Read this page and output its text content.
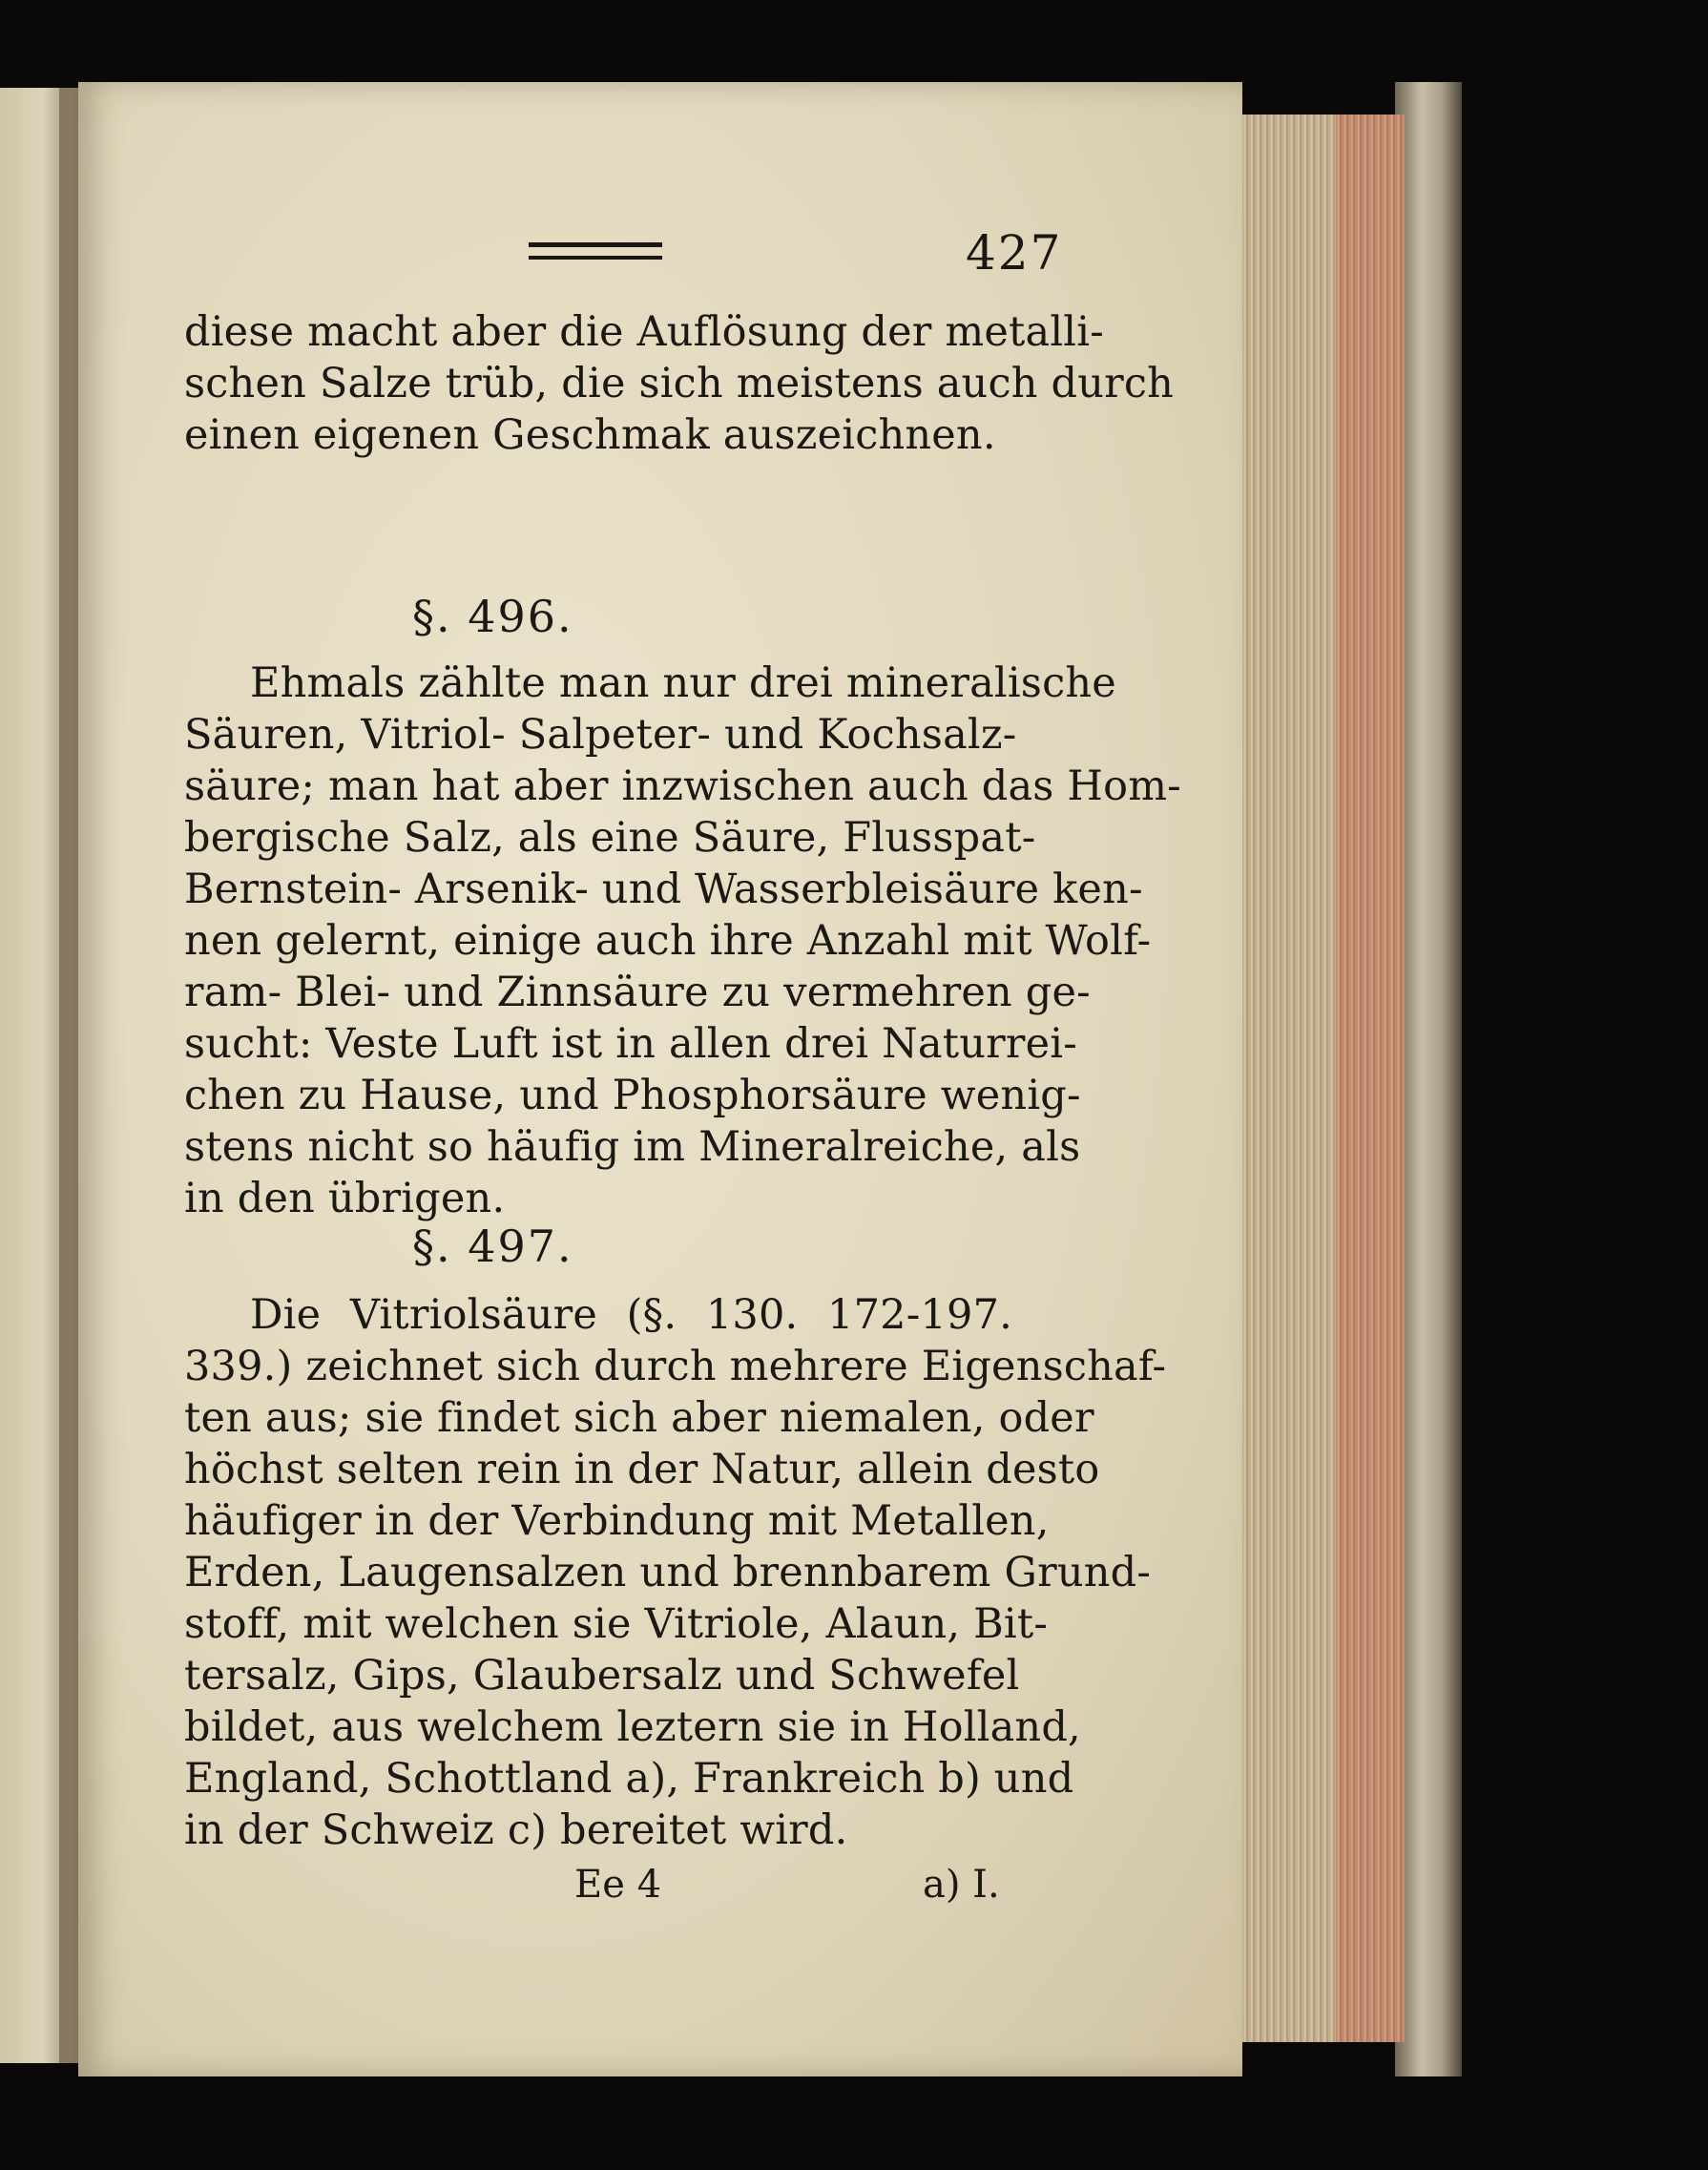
427
diese macht aber die Auflösung der metalli-
schen Salze trüb, die sich meistens auch durch
einen eigenen Geschmak auszeichnen.
§. 496.
Ehmals zählte man nur drei mineralische
Säuren, Vitriol- Salpeter- und Kochsalz-
säure; man hat aber inzwischen auch das Hom-
bergische Salz, als eine Säure, Flusspat-
Bernstein- Arsenik- und Wasserbleisäure ken-
nen gelernt, einige auch ihre Anzahl mit Wolf-
ram- Blei- und Zinnsäure zu vermehren ge-
sucht: Veste Luft ist in allen drei Naturrei-
chen zu Hause, und Phosphorsäure wenig-
stens nicht so häufig im Mineralreiche, als
in den übrigen.
§. 497.
Die Vitriolsäure (§. 130. 172-197.
339.) zeichnet sich durch mehrere Eigenschaf-
ten aus; sie findet sich aber niemalen, oder
höchst selten rein in der Natur, allein desto
häufiger in der Verbindung mit Metallen,
Erden, Laugensalzen und brennbarem Grund-
stoff, mit welchen sie Vitriole, Alaun, Bit-
tersalz, Gips, Glaubersalz und Schwefel
bildet, aus welchem leztern sie in Holland,
England, Schottland a), Frankreich b) und
in der Schweiz c) bereitet wird.
Ee 4	a) I.
